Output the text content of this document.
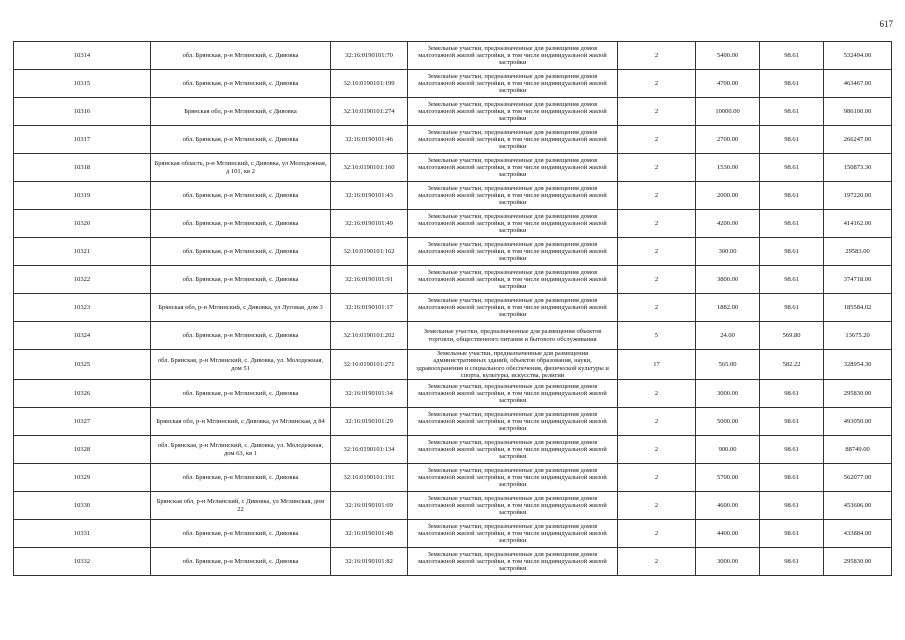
617
10314	обл. Брянская, р-н Мглинский, с. Дивовка	32:16:0190101:70	Земельные участки, предназначенные для размещения домов малоэтажной жилой застройки, в том числе индивидуальной жилой застройки	2	5400.00	98.61	532494.00
10315	обл. Брянская, р-н Мглинский, с. Дивовка	32:16:0190101:199	Земельные участки, предназначенные для размещения домов малоэтажной жилой застройки, в том числе индивидуальной жилой застройки	2	4700.00	98.61	463467.00
10316	Брянская обл, р-н Мглинский, с Дивовка	32:16:0190101:274	Земельные участки, предназначенные для размещения домов малоэтажной жилой застройки, в том числе индивидуальной жилой застройки	2	10000.00	98.61	986100.00
10317	обл. Брянская, р-н Мглинский, с. Дивовка	32:16:0190101:46	Земельные участки, предназначенные для размещения домов малоэтажной жилой застройки, в том числе индивидуальной жилой застройки	2	2700.00	98.61	266247.00
10318	Брянская область, р-н Мглинский, с Дивовка, ул Молодежная, д 101, кв 2	32:16:0190101:160	Земельные участки, предназначенные для размещения домов малоэтажной жилой застройки, в том числе индивидуальной жилой застройки	2	1530.00	98.61	150873.30
10319	обл. Брянская, р-н Мглинский, с. Дивовка	32:16:0190101:43	Земельные участки, предназначенные для размещения домов малоэтажной жилой застройки, в том числе индивидуальной жилой застройки	2	2000.00	98.61	197220.00
10320	обл. Брянская, р-н Мглинский, с. Дивовка	32:16:0190101:49	Земельные участки, предназначенные для размещения домов малоэтажной жилой застройки, в том числе индивидуальной жилой застройки	2	4200.00	98.61	414162.00
10321	обл. Брянская, р-н Мглинский, с. Дивовка	32:16:0190101:162	Земельные участки, предназначенные для размещения домов малоэтажной жилой застройки, в том числе индивидуальной жилой застройки	2	300.00	98.61	29583.00
10322	обл. Брянская, р-н Мглинский, с. Дивовка	32:16:0190101:91	Земельные участки, предназначенные для размещения домов малоэтажной жилой застройки, в том числе индивидуальной жилой застройки	2	3800.00	98.61	374718.00
10323	Брянская обл, р-н Мглинский, с Дивовка, ул Луговая, дом 3	32:16:0190101:17	Земельные участки, предназначенные для размещения домов малоэтажной жилой застройки, в том числе индивидуальной жилой застройки	2	1882.00	98.61	185584.02
10324	обл. Брянская, р-н Мглинский, с. Дивовка	32:16:0190101:202	Земельные участки, предназначенные для размещения объектов торговли, общественного питания и бытового обслуживания	5	24.00	569.80	13675.20
10325	обл. Брянская, р-н Мглинский, с. Дивовка, ул. Молодежная, дом 51	32:16:0190101:271	Земельные участки, предназначенные для размещения административных зданий, объектов образования, науки, здравоохранения и социального обеспечения, физической культуры и спорта, культуры, искусства, религии	17	565.00	582.22	328954.30
10326	обл. Брянская, р-н Мглинский, с. Дивовка	32:16:0190101:34	Земельные участки, предназначенные для размещения домов малоэтажной жилой застройки, в том числе индивидуальной жилой застройки	2	3000.00	98.61	295830.00
10327	Брянская обл, р-н Мглинский, с Дивовка, ул Мглинская, д 84	32:16:0190101:29	Земельные участки, предназначенные для размещения домов малоэтажной жилой застройки, в том числе индивидуальной жилой застройки	2	5000.00	98.61	493050.00
10328	обл. Брянская, р-н Мглинский, с. Дивовка, ул. Молодежная, дом 63, кв 1	32:16:0190101:134	Земельные участки, предназначенные для размещения домов малоэтажной жилой застройки, в том числе индивидуальной жилой застройки	2	900.00	98.61	88749.00
10329	обл. Брянская, р-н Мглинский, с. Дивовка	32:16:0190101:191	Земельные участки, предназначенные для размещения домов малоэтажной жилой застройки, в том числе индивидуальной жилой застройки	2	5700.00	98.61	562077.00
10330	Брянская обл, р-н Мглинский, с Дивовка, ул Мглинская, дом 22	32:16:0190101:69	Земельные участки, предназначенные для размещения домов малоэтажной жилой застройки, в том числе индивидуальной жилой застройки	2	4600.00	98.61	453606.00
10331	обл. Брянская, р-н Мглинский, с. Дивовка	32:16:0190101:48	Земельные участки, предназначенные для размещения домов малоэтажной жилой застройки, в том числе индивидуальной жилой застройки	2	4400.00	98.61	433884.00
10332	обл. Брянская, р-н Мглинский, с. Дивовка	32:16:0190101:82	Земельные участки, предназначенные для размещения домов малоэтажной жилой застройки, в том числе индивидуальной жилой застройки	2	3000.00	98.61	295830.00
